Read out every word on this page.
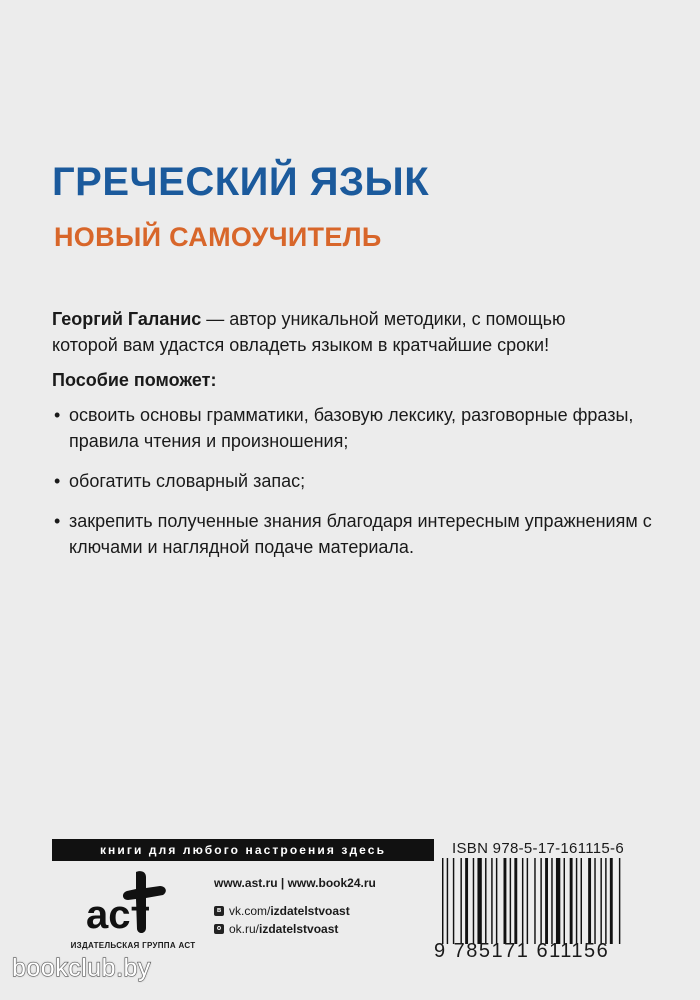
ГРЕЧЕСКИЙ ЯЗЫК
НОВЫЙ САМОУЧИТЕЛЬ

Георгий Галанис — автор уникальной методики, с помощью которой вам удастся овладеть языком в кратчайшие сроки!

Пособие поможет:

• освоить основы грамматики, базовую лексику, разговорные фразы, правила чтения и произношения;
• обогатить словарный запас;
• закрепить полученные знания благодаря интересным упражнениям с ключами и наглядной подаче материала.
книги для любого настроения здесь
аст

ИЗДАТЕЛЬСКАЯ ГРУППА АСТ

www.ast.ru | www.book24.ru

в vk.com/ izdatelstvoast
о ok.ru/ izdatelstvoast

ISBN 978-5-17-161115-6

9 785171 611156

bookclub.by
